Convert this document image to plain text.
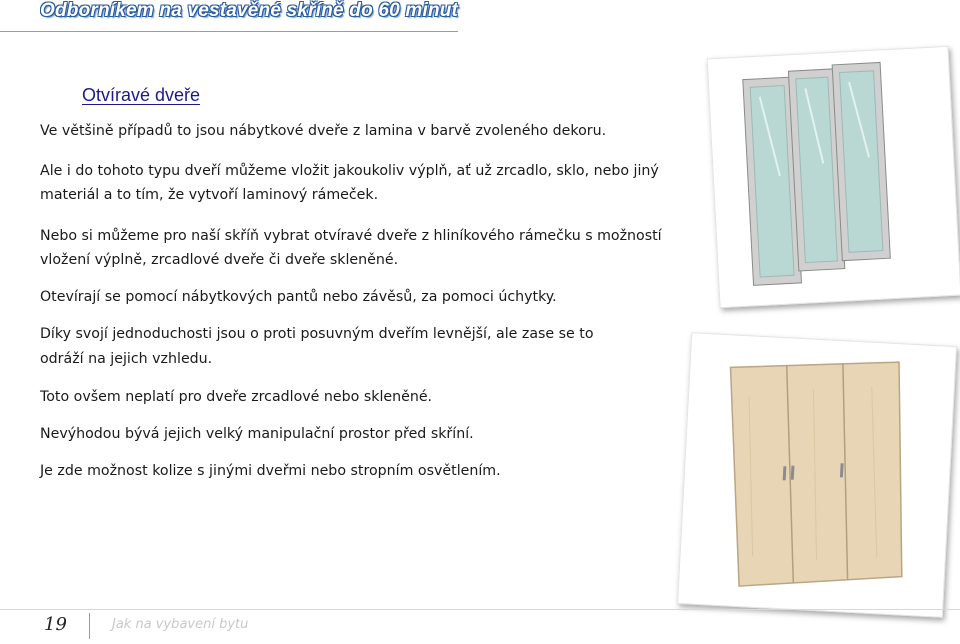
Odborníkem na vestavěné skříně do 60 minut
Otvíravé dveře

Ve většině případů to jsou nábytkové dveře z lamina v barvě zvoleného dekoru.

Ale i do tohoto typu dveří můžeme vložit jakoukoliv výplň, ať už zrcadlo, sklo, nebo jiný

materiál a to tím, že vytvoří laminový rámeček.

Nebo si můžeme pro naší skříň vybrat otvíravé dveře z hliníkového rámečku s možností

vložení výplně, zrcadlové dveře či dveře skleněné.

Otevírají se pomocí nábytkových pantů nebo závěsů, za pomoci úchytky.

Díky svojí jednoduchosti jsou o proti posuvným dveřím levnější, ale zase se to

odráží na jejich vzhledu.

Toto ovšem neplatí pro dveře zrcadlové nebo skleněné.

Nevýhodou bývá jejich velký manipulační prostor před skříní.

Je zde možnost kolize s jinými dveřmi nebo stropním osvětlením.

19	Jak na vybavení bytu
